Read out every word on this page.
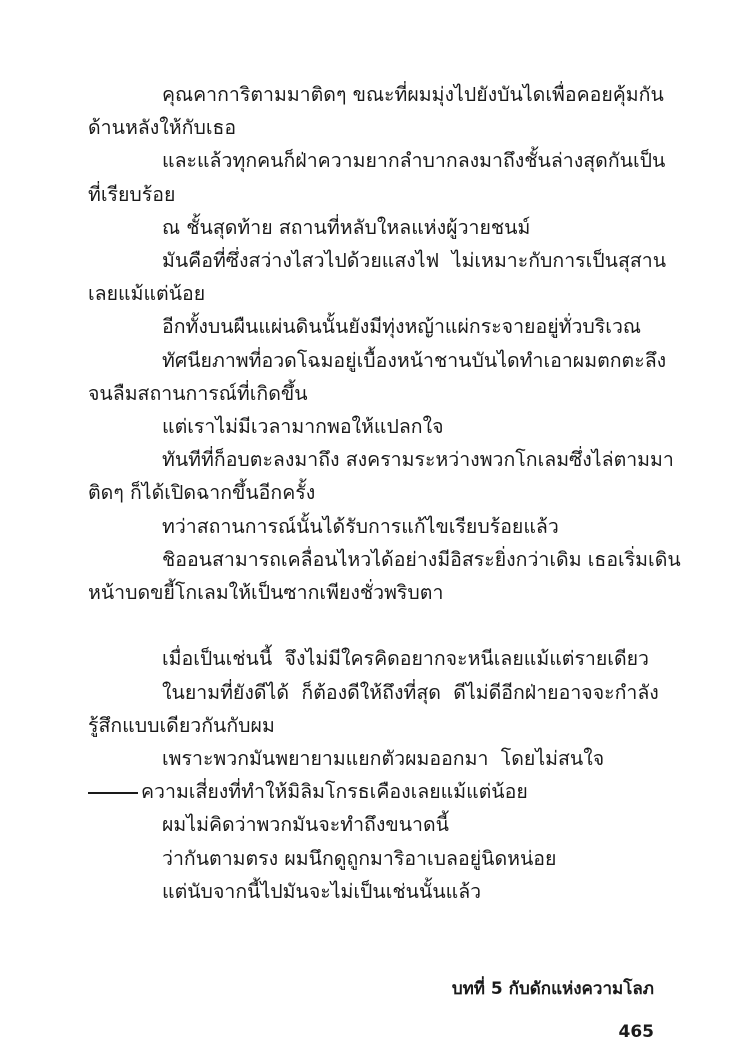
คุณคาการิตามมาติดๆ ขณะที่ผมมุ่งไปยังบันไดเพื่อคอยคุ้มกัน

ด้านหลังให้กับเธอ

และแล้วทุกคนก็ฝ่าความยากลำบากลงมาถึงชั้นล่างสุดกันเป็น

ที่เรียบร้อย

ณ ชั้นสุดท้าย สถานที่หลับใหลแห่งผู้วายชนม์

มันคือที่ซึ่งสว่างไสวไปด้วยแสงไฟ  ไม่เหมาะกับการเป็นสุสาน

เลยแม้แต่น้อย

อีกทั้งบนผืนแผ่นดินนั้นยังมีทุ่งหญ้าแผ่กระจายอยู่ทั่วบริเวณ

ทัศนียภาพที่อวดโฉมอยู่เบื้องหน้าชานบันไดทำเอาผมตกตะลึง

จนลืมสถานการณ์ที่เกิดขึ้น

แต่เราไม่มีเวลามากพอให้แปลกใจ

ทันทีที่ก็อบตะลงมาถึง สงครามระหว่างพวกโกเลมซึ่งไล่ตามมา

ติดๆ ก็ได้เปิดฉากขึ้นอีกครั้ง

ทว่าสถานการณ์นั้นได้รับการแก้ไขเรียบร้อยแล้ว

ชิออนสามารถเคลื่อนไหวได้อย่างมีอิสระยิ่งกว่าเดิม เธอเริ่มเดิน

หน้าบดขยี้โกเลมให้เป็นซากเพียงชั่วพริบตา

เมื่อเป็นเช่นนี้  จึงไม่มีใครคิดอยากจะหนีเลยแม้แต่รายเดียว

ในยามที่ยังดีได้  ก็ต้องดีให้ถึงที่สุด  ดีไม่ดีอีกฝ่ายอาจจะกำลัง

รู้สึกแบบเดียวกันกับผม

เพราะพวกมันพยายามแยกตัวผมออกมา  โดยไม่สนใจ

ความเสี่ยงที่ทำให้มิลิมโกรธเคืองเลยแม้แต่น้อย

ผมไม่คิดว่าพวกมันจะทำถึงขนาดนี้

ว่ากันตามตรง ผมนึกดูถูกมาริอาเบลอยู่นิดหน่อย

แต่นับจากนี้ไปมันจะไม่เป็นเช่นนั้นแล้ว

บทที่ 5 กับดักแห่งความโลภ

465
